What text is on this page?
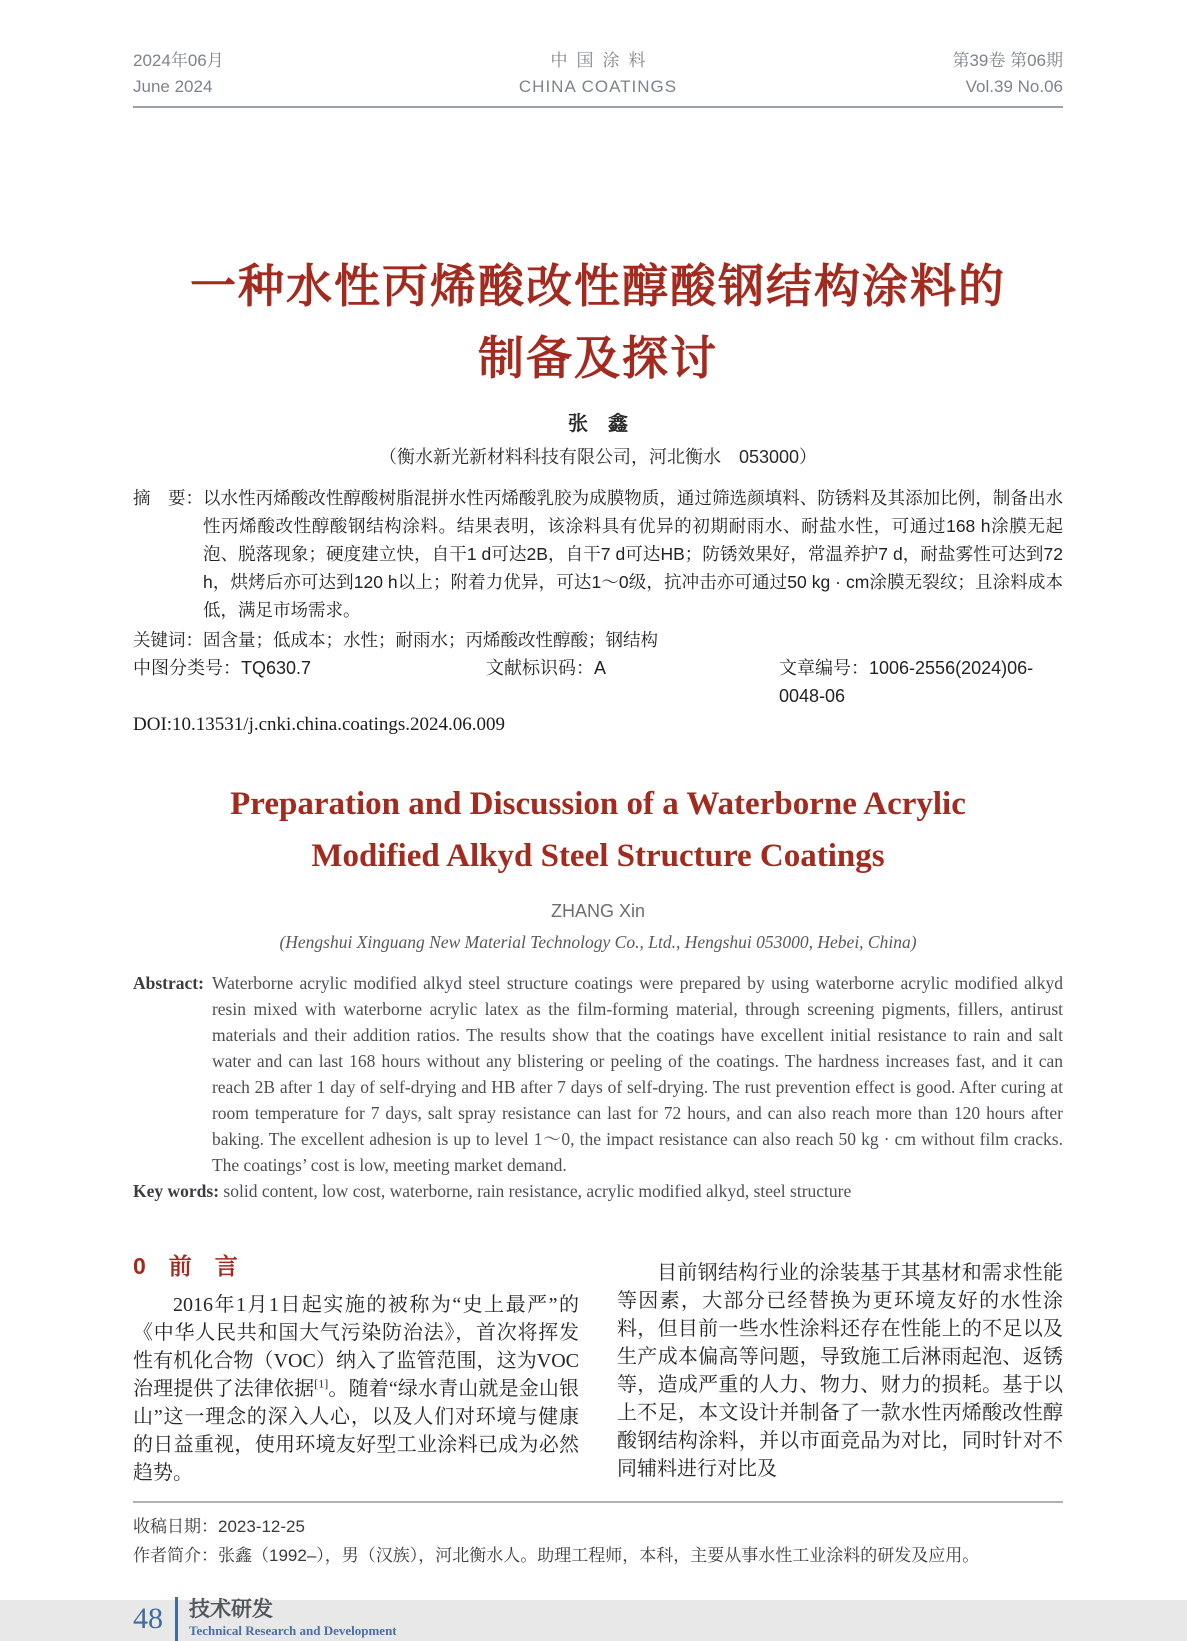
2024年06月
June 2024
中国涂料
CHINA COATINGS
第39卷 第06期
Vol.39 No.06
一种水性丙烯酸改性醇酸钢结构涂料的
制备及探讨
张　鑫
（衡水新光新材料科技有限公司，河北衡水　053000）
摘　要： 以水性丙烯酸改性醇酸树脂混拼水性丙烯酸乳胶为成膜物质，通过筛选颜填料、防锈料及其添加比例，制备出水性丙烯酸改性醇酸钢结构涂料。结果表明，该涂料具有优异的初期耐雨水、耐盐水性，可通过168 h涂膜无起泡、脱落现象；硬度建立快，自干1 d可达2B，自干7 d可达HB；防锈效果好，常温养护7 d，耐盐雾性可达到72 h，烘烤后亦可达到120 h以上；附着力优异，可达1～0级，抗冲击亦可通过50 kg · cm涂膜无裂纹；且涂料成本低，满足市场需求。
关键词：固含量；低成本；水性；耐雨水；丙烯酸改性醇酸；钢结构
中图分类号：TQ630.7	文献标识码：A	文章编号：1006-2556(2024)06-0048-06
DOI:10.13531/j.cnki.china.coatings.2024.06.009
Preparation and Discussion of a Waterborne Acrylic
Modified Alkyd Steel Structure Coatings
ZHANG Xin
(Hengshui Xinguang New Material Technology Co., Ltd., Hengshui 053000, Hebei, China)
Abstract: Waterborne acrylic modified alkyd steel structure coatings were prepared by using waterborne acrylic modified alkyd resin mixed with waterborne acrylic latex as the film-forming material, through screening pigments, fillers, antirust materials and their addition ratios. The results show that the coatings have excellent initial resistance to rain and salt water and can last 168 hours without any blistering or peeling of the coatings. The hardness increases fast, and it can reach 2B after 1 day of self-drying and HB after 7 days of self-drying. The rust prevention effect is good. After curing at room temperature for 7 days, salt spray resistance can last for 72 hours, and can also reach more than 120 hours after baking. The excellent adhesion is up to level 1～0, the impact resistance can also reach 50 kg · cm without film cracks. The coatings’ cost is low, meeting market demand.
Key words: solid content, low cost, waterborne, rain resistance, acrylic modified alkyd, steel structure
0　前　言
2016年1月1日起实施的被称为“史上最严”的《中华人民共和国大气污染防治法》，首次将挥发性有机化合物（VOC）纳入了监管范围，这为VOC治理提供了法律依据[1]。随着“绿水青山就是金山银山”这一理念的深入人心，以及人们对环境与健康的日益重视，使用环境友好型工业涂料已成为必然趋势。
目前钢结构行业的涂装基于其基材和需求性能等因素，大部分已经替换为更环境友好的水性涂料，但目前一些水性涂料还存在性能上的不足以及生产成本偏高等问题，导致施工后淋雨起泡、返锈等，造成严重的人力、物力、财力的损耗。基于以上不足，本文设计并制备了一款水性丙烯酸改性醇酸钢结构涂料，并以市面竞品为对比，同时针对不同辅料进行对比及
收稿日期：2023-12-25
作者简介：张鑫（1992–），男（汉族），河北衡水人。助理工程师，本科，主要从事水性工业涂料的研发及应用。
48 技术研发
Technical Research and Development
